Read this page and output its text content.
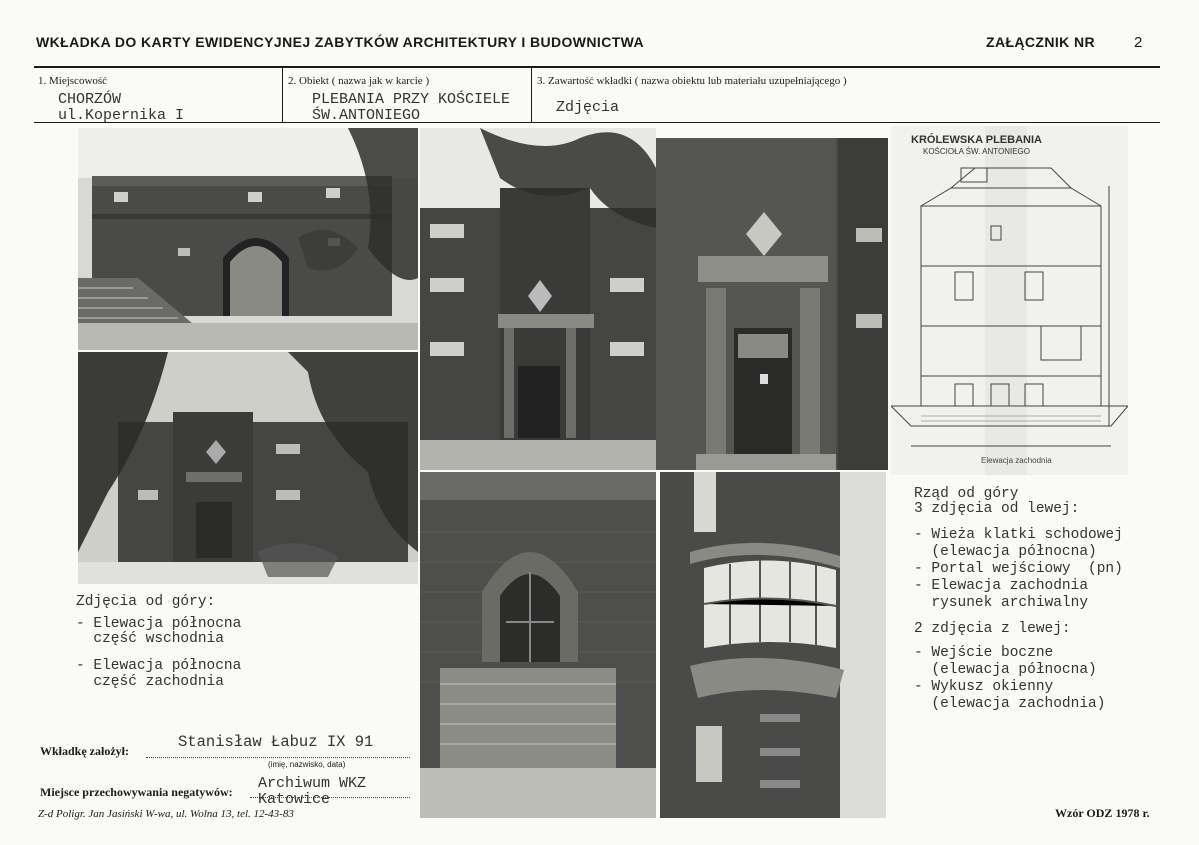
WKŁADKA DO KARTY EWIDENCYJNEJ ZABYTKÓW ARCHITEKTURY I BUDOWNICTWA	ZAŁĄCZNIK NR	2
1. Miejscowość
CHORZÓW
ul.Kopernika I
2. Obiekt ( nazwa jak w karcie )
PLEBANIA PRZY KOŚCIELE
ŚW.ANTONIEGO
3. Zawartość wkładki ( nazwa obiektu lub materiału uzupełniającego )
Zdjęcia
KRÓLEWSKA PLEBANIA
KOŚCIOŁA ŚW. ANTONIEGO
Elewacja zachodnia
Zdjęcia od góry:
- Elewacja północna
część wschodnia
- Elewacja północna
część zachodnia
Rząd od góry
3 zdjęcia od lewej:
- Wieża klatki schodowej
(elewacja północna)
- Portal wejściowy  (pn)
- Elewacja zachodnia
rysunek archiwalny
2 zdjęcia z lewej:
- Wejście boczne
(elewacja północna)
- Wykusz okienny
(elewacja zachodnia)
Wkładkę założył:	Stanisław Łabuz IX 91
(imię, nazwisko, data)
Miejsce przechowywania negatywów: Archiwum WKZ
Katowice
Z-d Poligr. Jan Jasiński W-wa, ul. Wolna 13, tel. 12-43-83	Wzór ODZ 1978 r.
